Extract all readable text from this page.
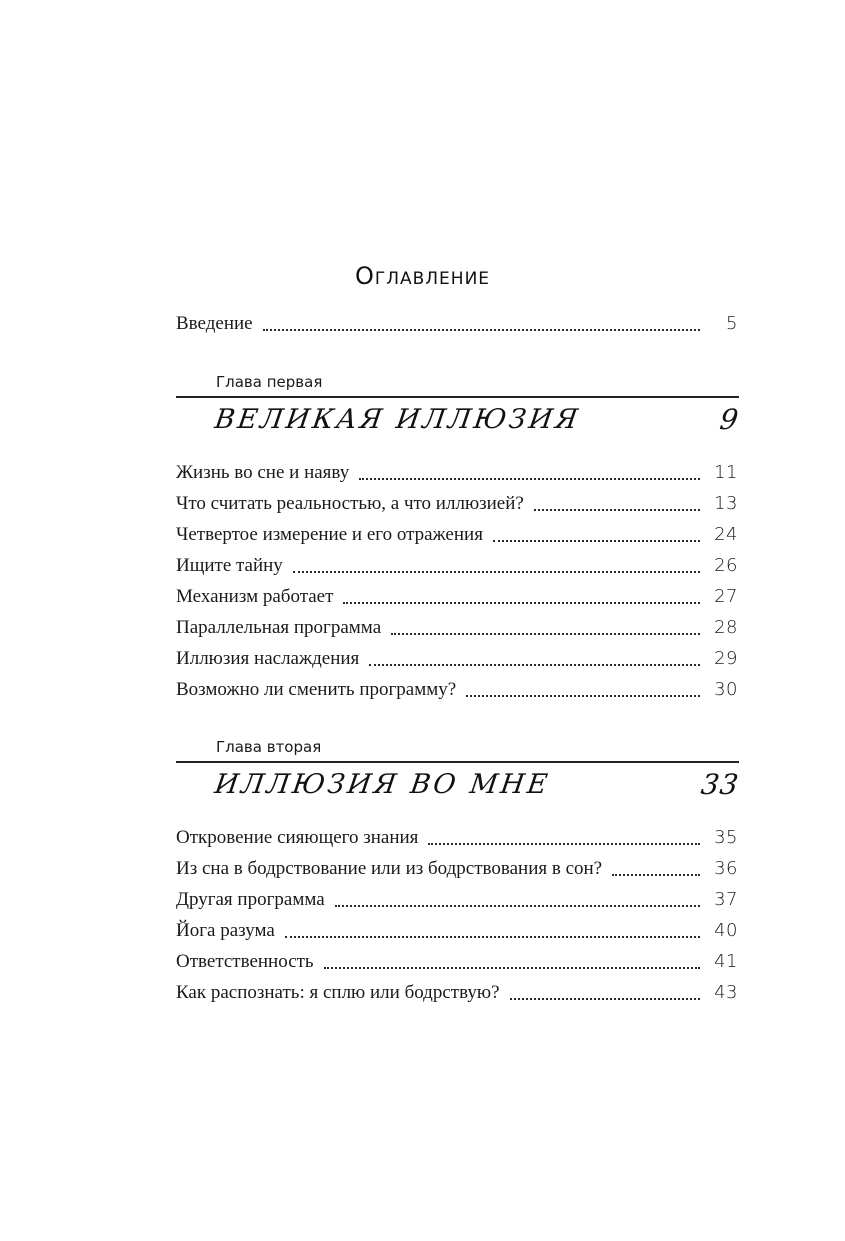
Оглавление
Введение	5
Глава первая
ВЕЛИКАЯ ИЛЛЮЗИЯ	9
Жизнь во сне и наяву	11
Что считать реальностью, а что иллюзией?	13
Четвертое измерение и его отражения	24
Ищите тайну	26
Механизм работает	27
Параллельная программа	28
Иллюзия наслаждения	29
Возможно ли сменить программу?	30
Глава вторая
ИЛЛЮЗИЯ ВО МНЕ	33
Откровение сияющего знания	35
Из сна в бодрствование или из бодрствования в сон?	36
Другая программа	37
Йога разума	40
Ответственность	41
Как распознать: я сплю или бодрствую?	43
